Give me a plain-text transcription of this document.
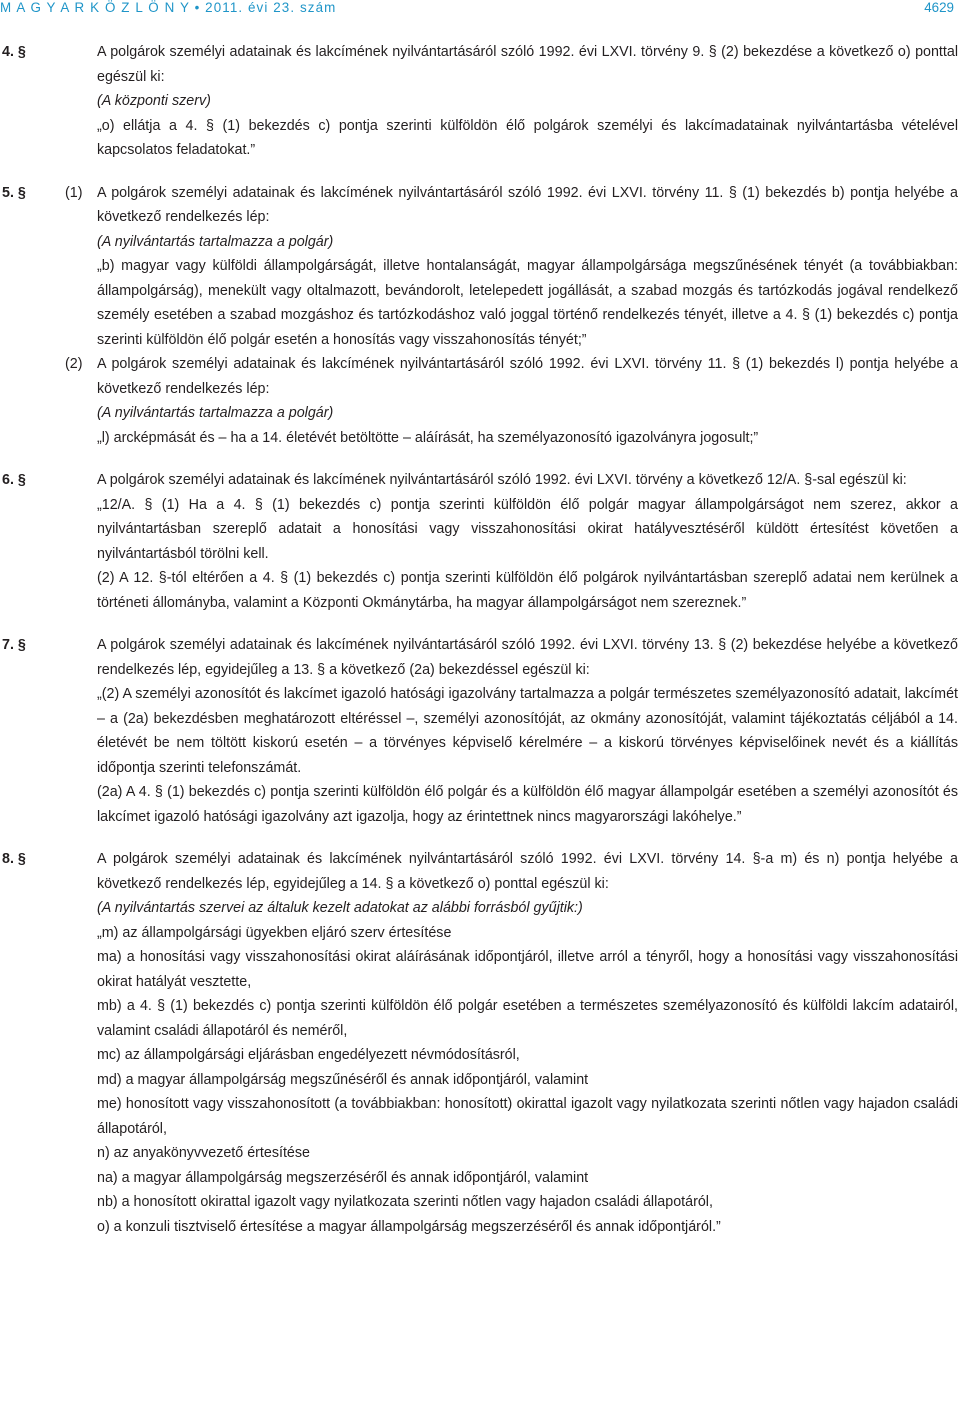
M A G Y A R K Ö Z L Ö N Y • 2011. évi 23. szám	4629
4. §	A polgárok személyi adatainak és lakcímének nyilvántartásáról szóló 1992. évi LXVI. törvény 9. § (2) bekezdése a következő o) ponttal egészül ki:

(A központi szerv)

„o) ellátja a 4. § (1) bekezdés c) pontja szerinti külföldön élő polgárok személyi és lakcímadatainak nyilvántartásba vételével kapcsolatos feladatokat.”

5. §	(1) A polgárok személyi adatainak és lakcímének nyilvántartásáról szóló 1992. évi LXVI. törvény 11. § (1) bekezdés b) pontja helyébe a következő rendelkezés lép:

(A nyilvántartás tartalmazza a polgár)

„b) magyar vagy külföldi állampolgárságát, illetve hontalanságát, magyar állampolgársága megszűnésének tényét (a továbbiakban: állampolgárság), menekült vagy oltalmazott, bevándorolt, letelepedett jogállását, a szabad mozgás és tartózkodás jogával rendelkező személy esetében a szabad mozgáshoz és tartózkodáshoz való joggal történő rendelkezés tényét, illetve a 4. § (1) bekezdés c) pontja szerinti külföldön élő polgár esetén a honosítás vagy visszahonosítás tényét;”

(2) A polgárok személyi adatainak és lakcímének nyilvántartásáról szóló 1992. évi LXVI. törvény 11. § (1) bekezdés l) pontja helyébe a következő rendelkezés lép:

(A nyilvántartás tartalmazza a polgár)

„l) arcképmását és – ha a 14. életévét betöltötte – aláírását, ha személyazonosító igazolványra jogosult;”

6. §	A polgárok személyi adatainak és lakcímének nyilvántartásáról szóló 1992. évi LXVI. törvény a következő 12/A. §-sal egészül ki:

„12/A. § (1) Ha a 4. § (1) bekezdés c) pontja szerinti külföldön élő polgár magyar állampolgárságot nem szerez, akkor a nyilvántartásban szereplő adatait a honosítási vagy visszahonosítási okirat hatályvesztéséről küldött értesítést követően a nyilvántartásból törölni kell.

(2) A 12. §-tól eltérően a 4. § (1) bekezdés c) pontja szerinti külföldön élő polgárok nyilvántartásban szereplő adatai nem kerülnek a történeti állományba, valamint a Központi Okmánytárba, ha magyar állampolgárságot nem szereznek.”

7. §	A polgárok személyi adatainak és lakcímének nyilvántartásáról szóló 1992. évi LXVI. törvény 13. § (2) bekezdése helyébe a következő rendelkezés lép, egyidejűleg a 13. § a következő (2a) bekezdéssel egészül ki:

„(2) A személyi azonosítót és lakcímet igazoló hatósági igazolvány tartalmazza a polgár természetes személyazonosító adatait, lakcímét – a (2a) bekezdésben meghatározott eltéréssel –, személyi azonosítóját, az okmány azonosítóját, valamint tájékoztatás céljából a 14. életévét be nem töltött kiskorú esetén – a törvényes képviselő kérelmére – a kiskorú törvényes képviselőinek nevét és a kiállítás időpontja szerinti telefonszámát.

(2a) A 4. § (1) bekezdés c) pontja szerinti külföldön élő polgár és a külföldön élő magyar állampolgár esetében a személyi azonosítót és lakcímet igazoló hatósági igazolvány azt igazolja, hogy az érintettnek nincs magyarországi lakóhelye.”

8. §	A polgárok személyi adatainak és lakcímének nyilvántartásáról szóló 1992. évi LXVI. törvény 14. §-a m) és n) pontja helyébe a következő rendelkezés lép, egyidejűleg a 14. § a következő o) ponttal egészül ki:

(A nyilvántartás szervei az általuk kezelt adatokat az alábbi forrásból gyűjtik:)

„m) az állampolgársági ügyekben eljáró szerv értesítése

ma) a honosítási vagy visszahonosítási okirat aláírásának időpontjáról, illetve arról a tényről, hogy a honosítási vagy visszahonosítási okirat hatályát vesztette,

mb) a 4. § (1) bekezdés c) pontja szerinti külföldön élő polgár esetében a természetes személyazonosító és külföldi lakcím adatairól, valamint családi állapotáról és neméről,

mc) az állampolgársági eljárásban engedélyezett névmódosításról,

md) a magyar állampolgárság megszűnéséről és annak időpontjáról, valamint

me) honosított vagy visszahonosított (a továbbiakban: honosított) okirattal igazolt vagy nyilatkozata szerinti nőtlen vagy hajadon családi állapotáról,

n) az anyakönyvvezető értesítése

na) a magyar állampolgárság megszerzéséről és annak időpontjáról, valamint

nb) a honosított okirattal igazolt vagy nyilatkozata szerinti nőtlen vagy hajadon családi állapotáról,

o) a konzuli tisztviselő értesítése a magyar állampolgárság megszerzéséről és annak időpontjáról.”
